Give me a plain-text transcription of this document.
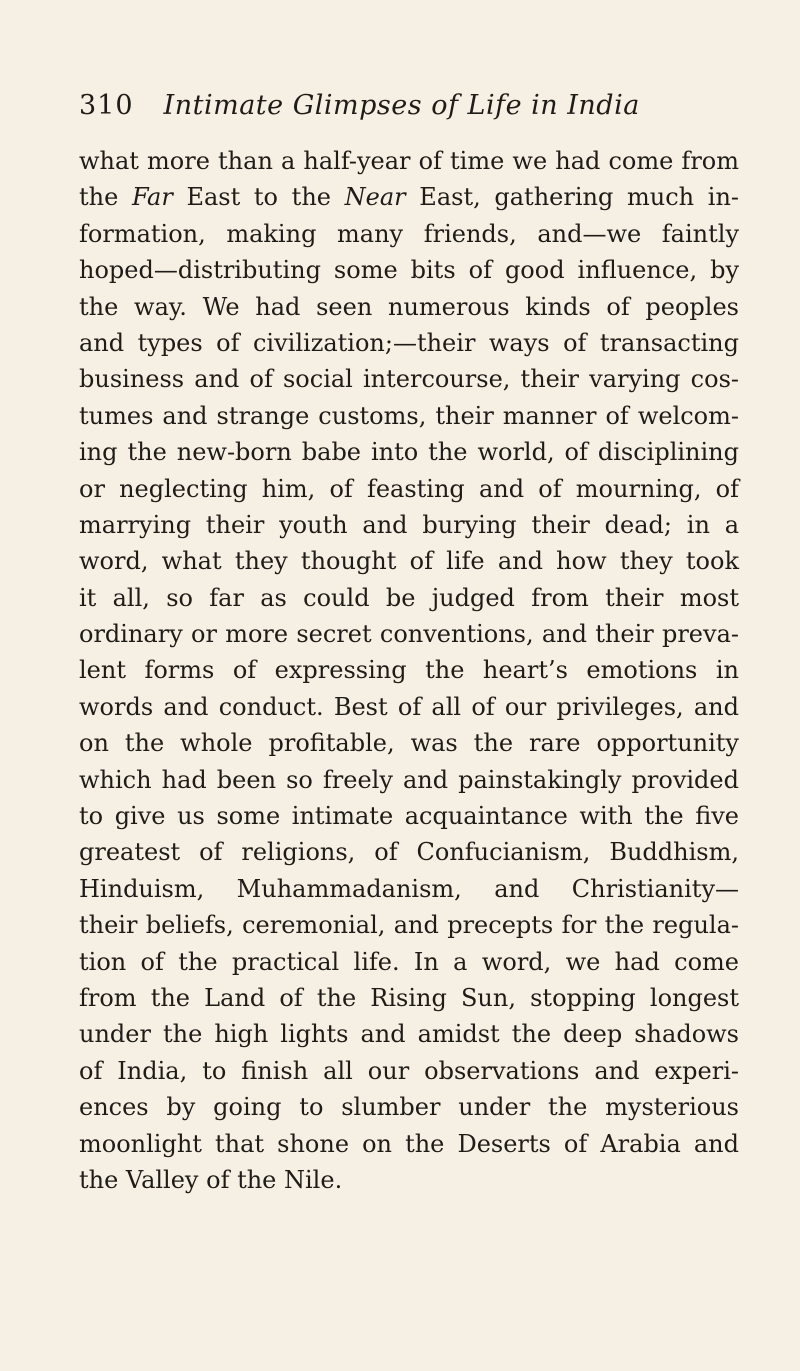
310 Intimate Glimpses of Life in India
what more than a half-year of time we had come from
the Far East to the Near East, gathering much in-
formation, making many friends, and—we faintly
hoped—distributing some bits of good influence, by
the way. We had seen numerous kinds of peoples
and types of civilization;—their ways of transacting
business and of social intercourse, their varying cos-
tumes and strange customs, their manner of welcom-
ing the new-born babe into the world, of disciplining
or neglecting him, of feasting and of mourning, of
marrying their youth and burying their dead; in a
word, what they thought of life and how they took
it all, so far as could be judged from their most
ordinary or more secret conventions, and their preva-
lent forms of expressing the heart’s emotions in
words and conduct. Best of all of our privileges, and
on the whole profitable, was the rare opportunity
which had been so freely and painstakingly provided
to give us some intimate acquaintance with the five
greatest of religions, of Confucianism, Buddhism,
Hinduism, Muhammadanism, and Christianity—
their beliefs, ceremonial, and precepts for the regula-
tion of the practical life. In a word, we had come
from the Land of the Rising Sun, stopping longest
under the high lights and amidst the deep shadows
of India, to finish all our observations and experi-
ences by going to slumber under the mysterious
moonlight that shone on the Deserts of Arabia and
the Valley of the Nile.
